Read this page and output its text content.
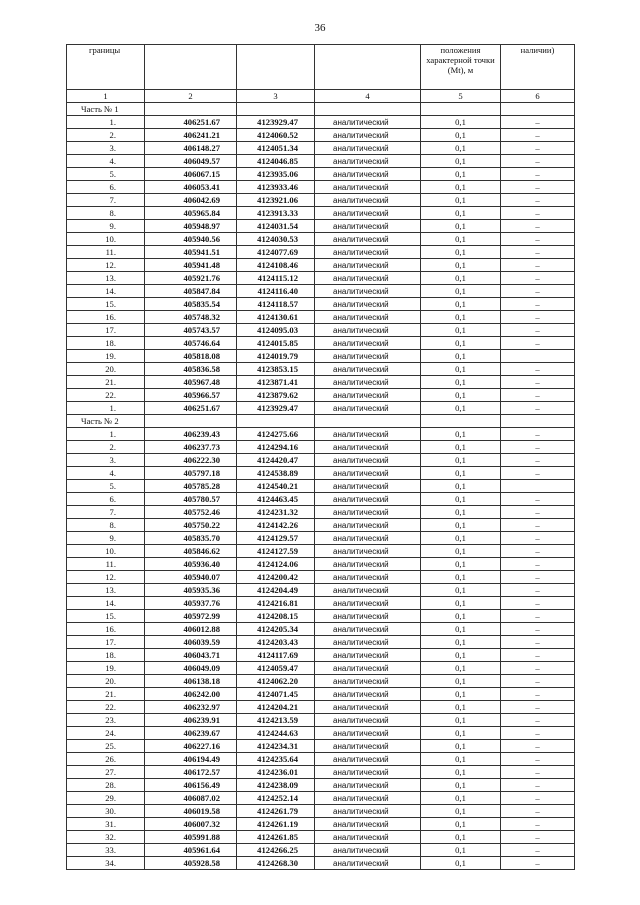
36
границы				положения характерной точки (Mt), м	наличии)
1	2	3	4	5	6
Часть № 1					
1.	406251.67	4123929.47	аналитический	0,1	–
2.	406241.21	4124060.52	аналитический	0,1	–
3.	406148.27	4124051.34	аналитический	0,1	–
4.	406049.57	4124046.85	аналитический	0,1	–
5.	406067.15	4123935.06	аналитический	0,1	–
6.	406053.41	4123933.46	аналитический	0,1	–
7.	406042.69	4123921.06	аналитический	0,1	–
8.	405965.84	4123913.33	аналитический	0,1	–
9.	405948.97	4124031.54	аналитический	0,1	–
10.	405940.56	4124030.53	аналитический	0,1	–
11.	405941.51	4124077.69	аналитический	0,1	–
12.	405941.48	4124108.46	аналитический	0,1	–
13.	405921.76	4124115.12	аналитический	0,1	–
14.	405847.84	4124116.40	аналитический	0,1	–
15.	405835.54	4124118.57	аналитический	0,1	–
16.	405748.32	4124130.61	аналитический	0,1	–
17.	405743.57	4124095.03	аналитический	0,1	–
18.	405746.64	4124015.85	аналитический	0,1	–
19.	405818.08	4124019.79	аналитический	0,1	
20.	405836.58	4123853.15	аналитический	0,1	–
21.	405967.48	4123871.41	аналитический	0,1	–
22.	405966.57	4123879.62	аналитический	0,1	–
1.	406251.67	4123929.47	аналитический	0,1	–
Часть № 2					
1.	406239.43	4124275.66	аналитический	0,1	–
2.	406237.73	4124294.16	аналитический	0,1	–
3.	406222.30	4124420.47	аналитический	0,1	–
4.	405797.18	4124538.89	аналитический	0,1	–
5.	405785.28	4124540.21	аналитический	0,1	
6.	405780.57	4124463.45	аналитический	0,1	–
7.	405752.46	4124231.32	аналитический	0,1	–
8.	405750.22	4124142.26	аналитический	0,1	–
9.	405835.70	4124129.57	аналитический	0,1	–
10.	405846.62	4124127.59	аналитический	0,1	–
11.	405936.40	4124124.06	аналитический	0,1	–
12.	405940.07	4124200.42	аналитический	0,1	–
13.	405935.36	4124204.49	аналитический	0,1	–
14.	405937.76	4124216.81	аналитический	0,1	–
15.	405972.99	4124208.15	аналитический	0,1	–
16.	406012.88	4124205.34	аналитический	0,1	–
17.	406039.59	4124203.43	аналитический	0,1	–
18.	406043.71	4124117.69	аналитический	0,1	–
19.	406049.09	4124059.47	аналитический	0,1	–
20.	406138.18	4124062.20	аналитический	0,1	–
21.	406242.00	4124071.45	аналитический	0,1	–
22.	406232.97	4124204.21	аналитический	0,1	–
23.	406239.91	4124213.59	аналитический	0,1	–
24.	406239.67	4124244.63	аналитический	0,1	–
25.	406227.16	4124234.31	аналитический	0,1	–
26.	406194.49	4124235.64	аналитический	0,1	–
27.	406172.57	4124236.01	аналитический	0,1	–
28.	406156.49	4124238.09	аналитический	0,1	–
29.	406087.02	4124252.14	аналитический	0,1	–
30.	406019.58	4124261.79	аналитический	0,1	–
31.	406007.32	4124261.19	аналитический	0,1	–
32.	405991.88	4124261.85	аналитический	0,1	–
33.	405961.64	4124266.25	аналитический	0,1	–
34.	405928.58	4124268.30	аналитический	0,1	–
